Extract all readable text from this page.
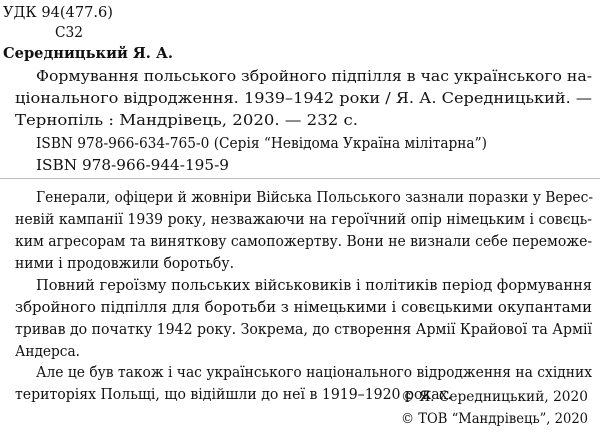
УДК 94(477.6)
С32
Середницький Я. А.
Формування польського збройного підпілля в час українського на-
ціонального відродження. 1939–1942 роки / Я. А. Середницький. —
Тернопіль : Мандрівець, 2020. — 232 с.
ISBN 978-966-634-765-0 (Серія “Невідома Україна мілітарна”)
ISBN 978-966-944-195-9
Генерали, офіцери й жовніри Війська Польського зазнали поразки у Верес-
невій кампанії 1939 року, незважаючи на героїчний опір німецьким і совєць-
ким агресорам та виняткову самопожертву. Вони не визнали себе переможе-
ними і продовжили боротьбу.
Повний героїзму польських військовиків і політиків період формування
збройного підпілля для боротьби з німецькими і совєцькими окупантами
тривав до початку 1942 року. Зокрема, до створення Армії Крайової та Армії
Андерса.
Але це був також і час українського національного відродження на східних
територіях Польщі, що відійшли до неї в 1919–1920 роках.
© Я. Середницький, 2020
© ТОВ “Мандрівець”, 2020
